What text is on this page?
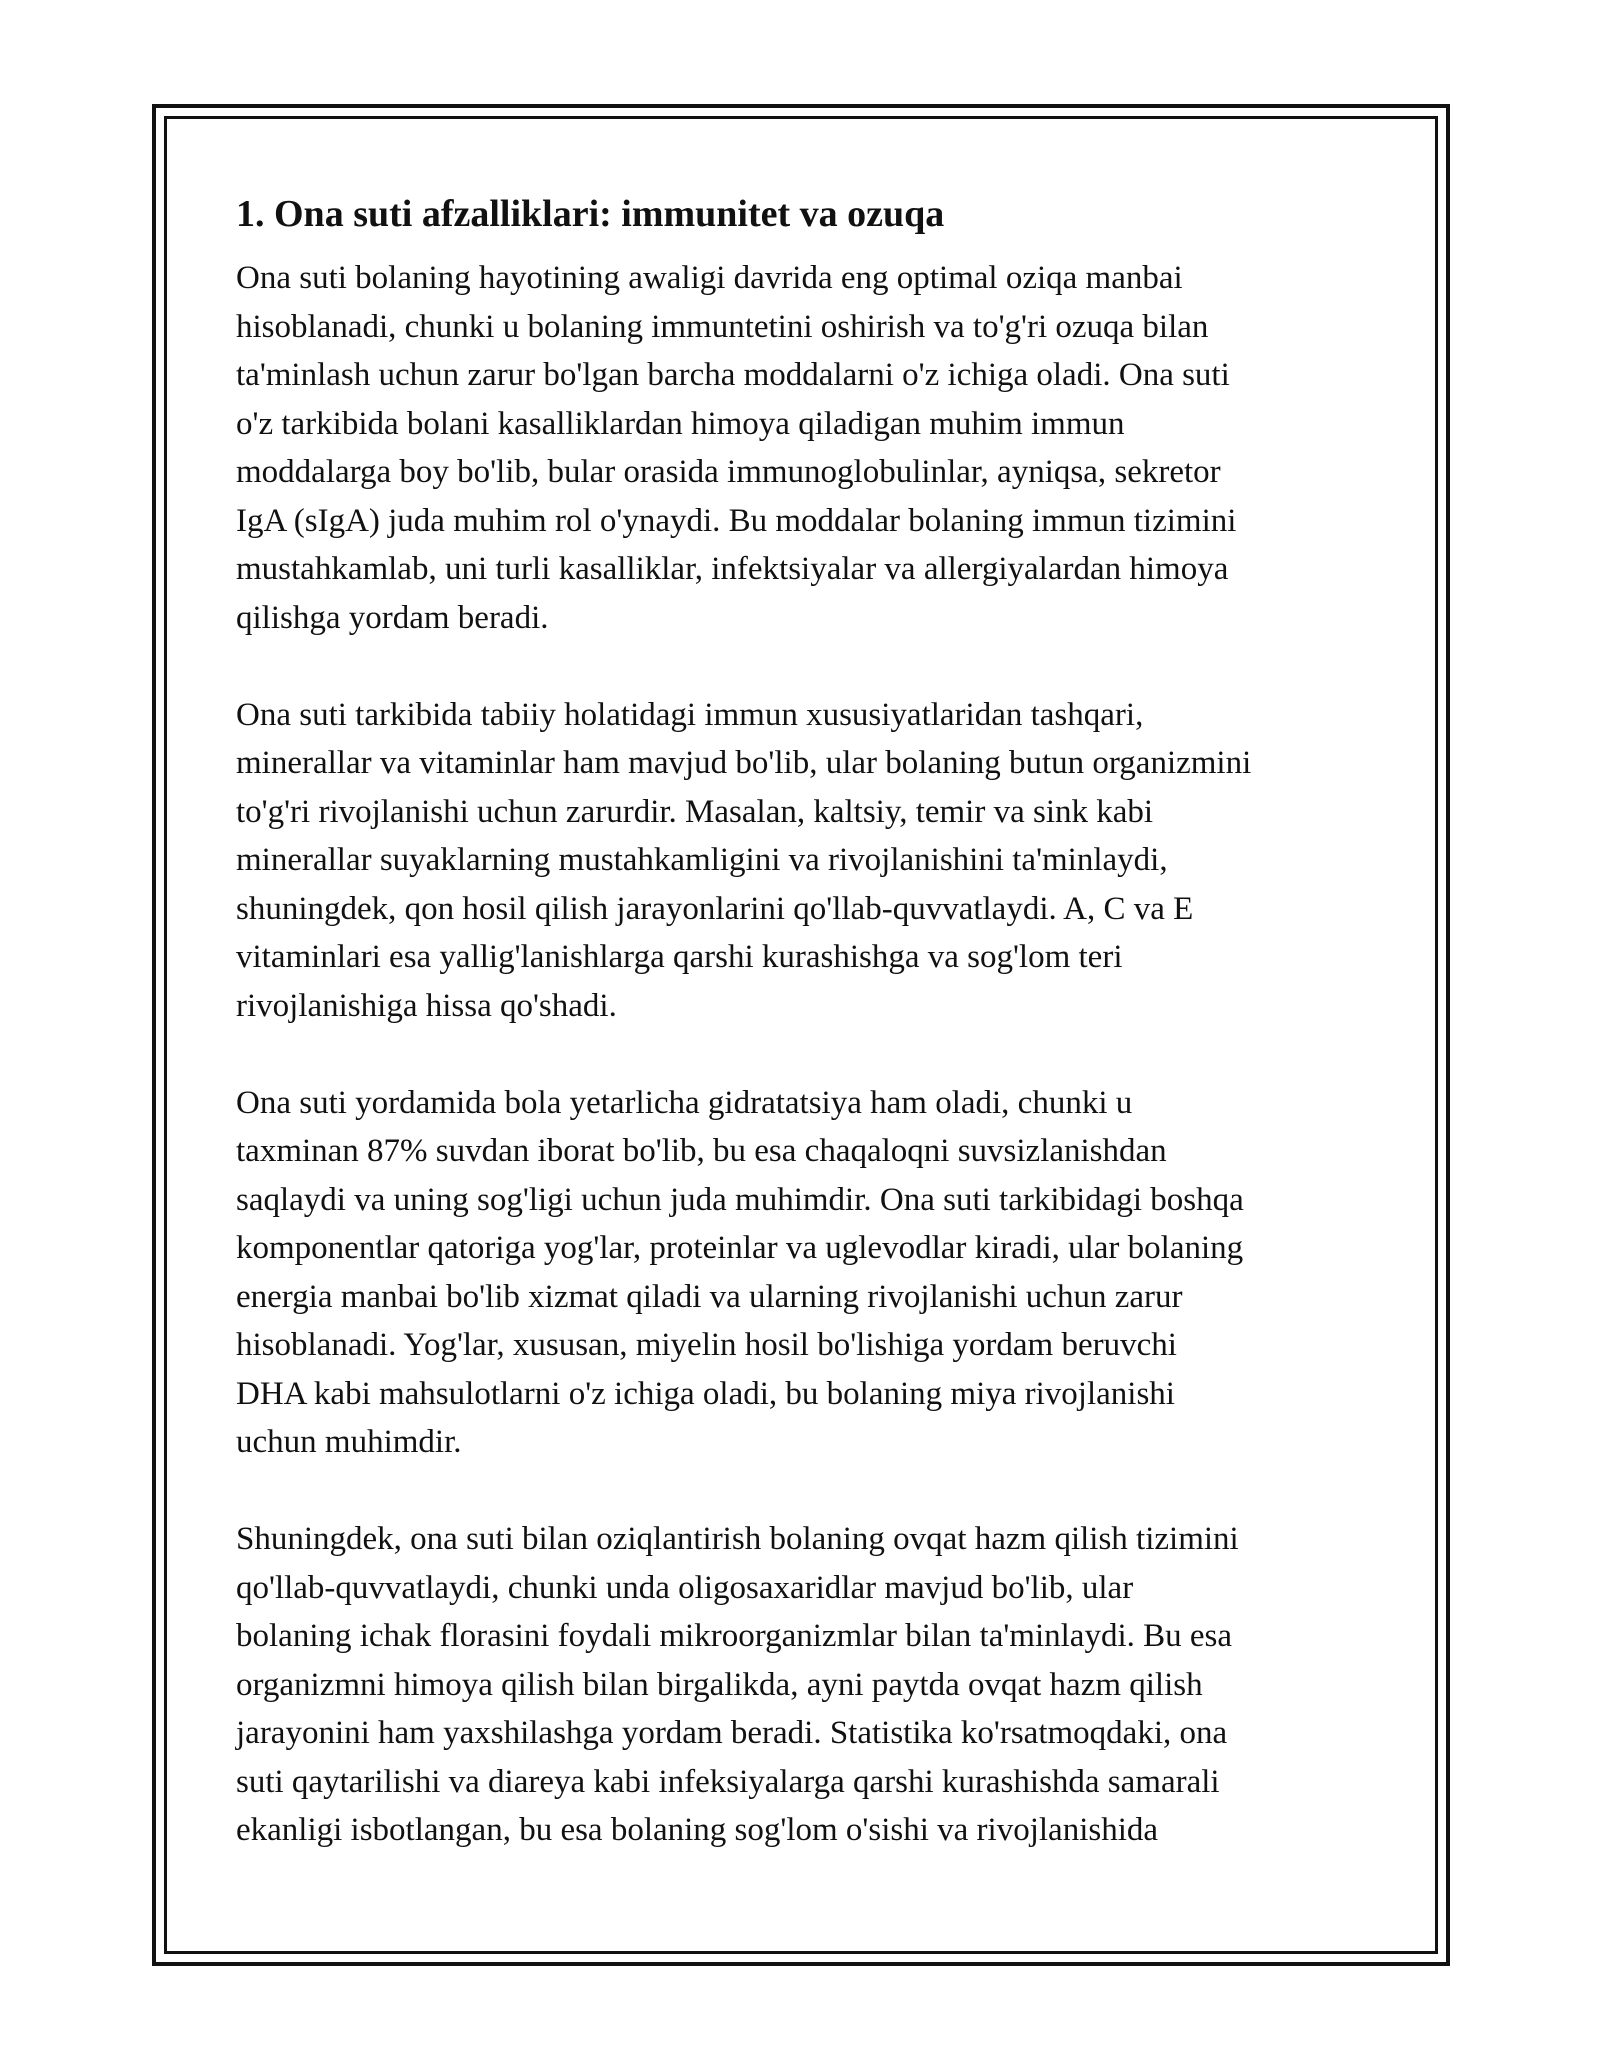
1. Ona suti afzalliklari: immunitet va ozuqa

Ona suti bolaning hayotining awaligi davrida eng optimal oziqa manbai
hisoblanadi, chunki u bolaning immuntetini oshirish va to'g'ri ozuqa bilan
ta'minlash uchun zarur bo'lgan barcha moddalarni o'z ichiga oladi. Ona suti
o'z tarkibida bolani kasalliklardan himoya qiladigan muhim immun
moddalarga boy bo'lib, bular orasida immunoglobulinlar, ayniqsa, sekretor
IgA (sIgA) juda muhim rol o'ynaydi. Bu moddalar bolaning immun tizimini
mustahkamlab, uni turli kasalliklar, infektsiyalar va allergiyalardan himoya
qilishga yordam beradi.

Ona suti tarkibida tabiiy holatidagi immun xususiyatlaridan tashqari,
minerallar va vitaminlar ham mavjud bo'lib, ular bolaning butun organizmini
to'g'ri rivojlanishi uchun zarurdir. Masalan, kaltsiy, temir va sink kabi
minerallar suyaklarning mustahkamligini va rivojlanishini ta'minlaydi,
shuningdek, qon hosil qilish jarayonlarini qo'llab-quvvatlaydi. A, C va E
vitaminlari esa yallig'lanishlarga qarshi kurashishga va sog'lom teri
rivojlanishiga hissa qo'shadi.

Ona suti yordamida bola yetarlicha gidratatsiya ham oladi, chunki u
taxminan 87% suvdan iborat bo'lib, bu esa chaqaloqni suvsizlanishdan
saqlaydi va uning sog'ligi uchun juda muhimdir. Ona suti tarkibidagi boshqa
komponentlar qatoriga yog'lar, proteinlar va uglevodlar kiradi, ular bolaning
energia manbai bo'lib xizmat qiladi va ularning rivojlanishi uchun zarur
hisoblanadi. Yog'lar, xususan, miyelin hosil bo'lishiga yordam beruvchi
DHA kabi mahsulotlarni o'z ichiga oladi, bu bolaning miya rivojlanishi
uchun muhimdir.

Shuningdek, ona suti bilan oziqlantirish bolaning ovqat hazm qilish tizimini
qo'llab-quvvatlaydi, chunki unda oligosaxaridlar mavjud bo'lib, ular
bolaning ichak florasini foydali mikroorganizmlar bilan ta'minlaydi. Bu esa
organizmni himoya qilish bilan birgalikda, ayni paytda ovqat hazm qilish
jarayonini ham yaxshilashga yordam beradi. Statistika ko'rsatmoqdaki, ona
suti qaytarilishi va diareya kabi infeksiyalarga qarshi kurashishda samarali
ekanligi isbotlangan, bu esa bolaning sog'lom o'sishi va rivojlanishida
